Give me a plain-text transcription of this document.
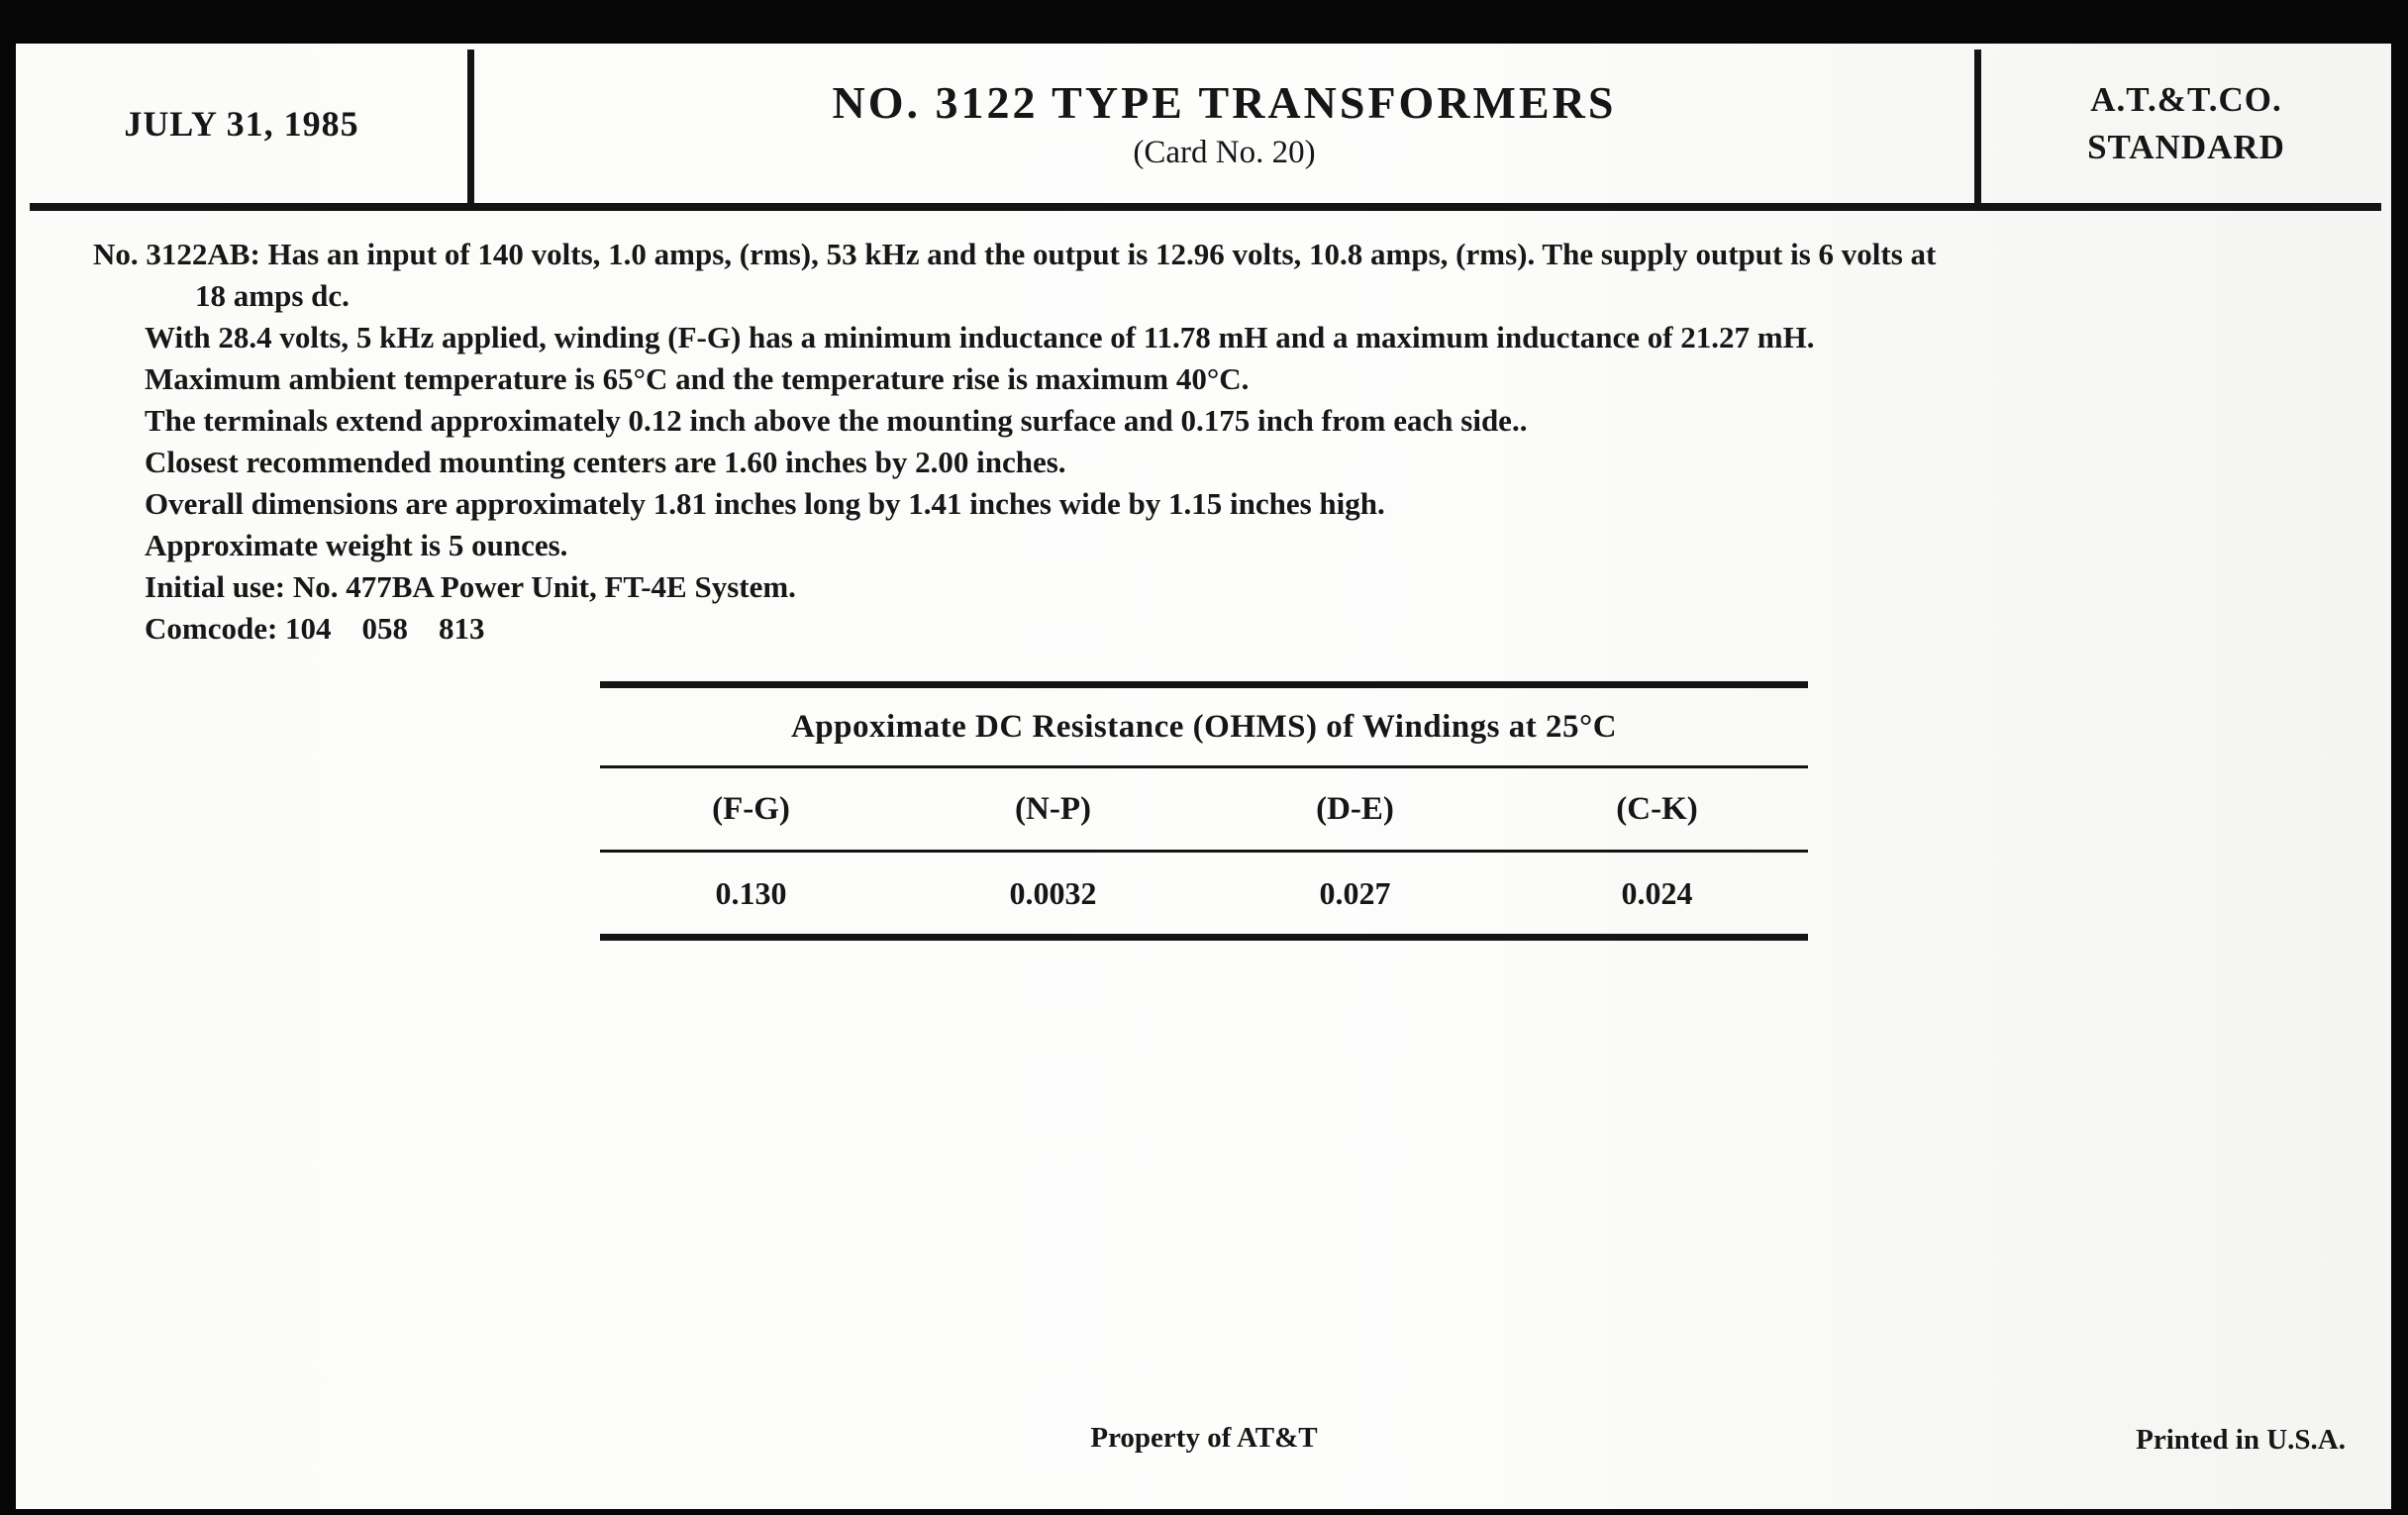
JULY 31, 1985	NO. 3122 TYPE TRANSFORMERS
(Card No. 20)
A.T.&T.CO.
STANDARD

No. 3122AB: Has an input of 140 volts, 1.0 amps, (rms), 53 kHz and the output is 12.96 volts, 10.8 amps, (rms). The supply output is 6 volts at

18 amps dc.

With 28.4 volts, 5 kHz applied, winding (F-G) has a minimum inductance of 11.78 mH and a maximum inductance of 21.27 mH.

Maximum ambient temperature is 65°C and the temperature rise is maximum 40°C.

The terminals extend approximately 0.12 inch above the mounting surface and 0.175 inch from each side..

Closest recommended mounting centers are 1.60 inches by 2.00 inches.

Overall dimensions are approximately 1.81 inches long by 1.41 inches wide by 1.15 inches high.

Approximate weight is 5 ounces.

Initial use: No. 477BA Power Unit, FT-4E System.

Comcode: 104    058    813

Appoximate DC Resistance (OHMS) of Windings at 25°C
(F-G)	(N-P)	(D-E)	(C-K)
0.130	0.0032	0.027	0.024
Property of AT&T	Printed in U.S.A.
